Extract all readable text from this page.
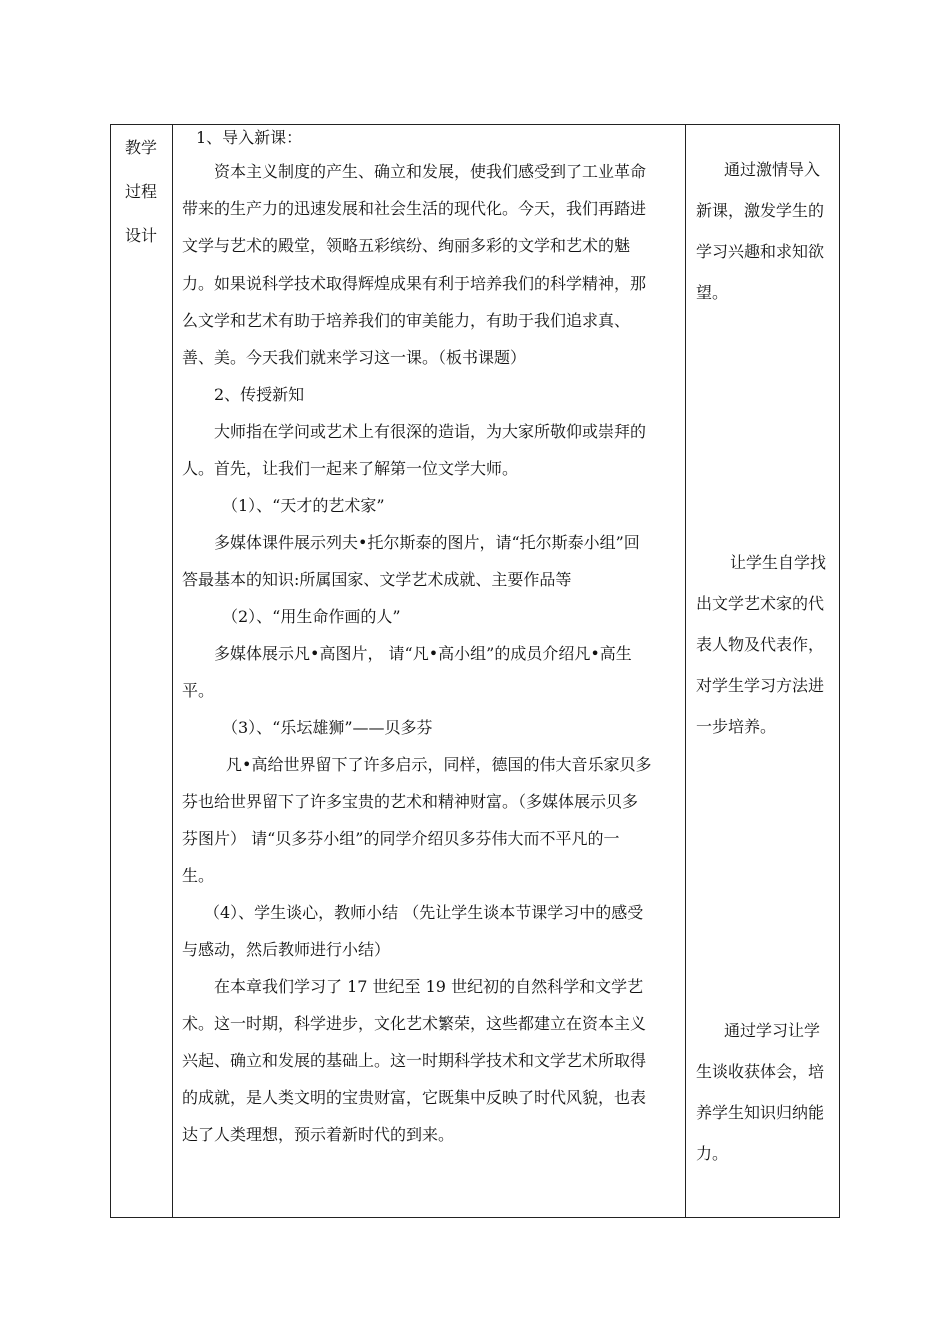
教学
过程
设计
1、导入新课：
资本主义制度的产生、确立和发展，使我们感受到了工业革命
带来的生产力的迅速发展和社会生活的现代化。今天，我们再踏进
文学与艺术的殿堂，领略五彩缤纷、绚丽多彩的文学和艺术的魅
力。如果说科学技术取得辉煌成果有利于培养我们的科学精神，那
么文学和艺术有助于培养我们的审美能力，有助于我们追求真、
善、美。今天我们就来学习这一课。（板书课题）
2、传授新知
大师指在学问或艺术上有很深的造诣，为大家所敬仰或崇拜的
人。首先，让我们一起来了解第一位文学大师。
（1）、“天才的艺术家”
多媒体课件展示列夫•托尔斯泰的图片，请“托尔斯泰小组”回
答最基本的知识:所属国家、文学艺术成就、主要作品等
（2）、“用生命作画的人”
多媒体展示凡•高图片， 请“凡•高小组”的成员介绍凡•高生
平。
（3）、“乐坛雄狮”——贝多芬
凡•高给世界留下了许多启示，同样，德国的伟大音乐家贝多
芬也给世界留下了许多宝贵的艺术和精神财富。（多媒体展示贝多
芬图片） 请“贝多芬小组”的同学介绍贝多芬伟大而不平凡的一
生。
（4）、学生谈心，教师小结 （先让学生谈本节课学习中的感受
与感动，然后教师进行小结）
在本章我们学习了 17 世纪至 19 世纪初的自然科学和文学艺
术。这一时期，科学进步，文化艺术繁荣，这些都建立在资本主义
兴起、确立和发展的基础上。这一时期科学技术和文学艺术所取得
的成就，是人类文明的宝贵财富，它既集中反映了时代风貌，也表
达了人类理想，预示着新时代的到来。
通过激情导入
新课，激发学生的
学习兴趣和求知欲
望。
让学生自学找
出文学艺术家的代
表人物及代表作，
对学生学习方法进
一步培养。
通过学习让学
生谈收获体会，培
养学生知识归纳能
力。
